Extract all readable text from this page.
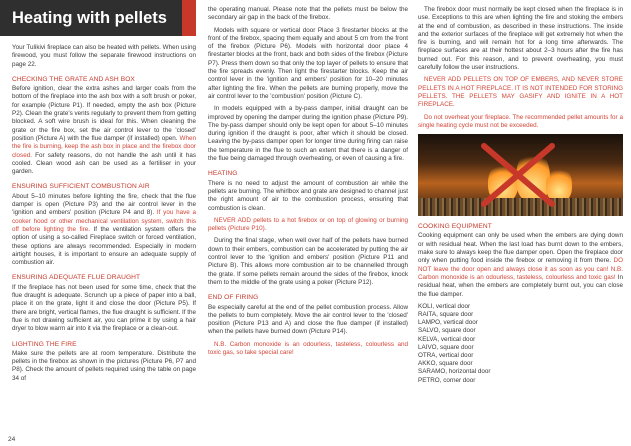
Heating with pellets

Your Tulikivi fireplace can also be heated with pellets. When using firewood, you must follow the separate firewood instructions on page 22.

CHECKING THE GRATE AND ASH BOX

Before ignition, clear the extra ashes and larger coals from the bottom of the fireplace into the ash box with a soft brush or poker, for example (Picture P1). If needed, empty the ash box (Picture P2). Clean the grate's vents regularly to prevent them from getting blocked. A soft wire brush is ideal for this. When cleaning the grate or the fire box, set the air control lever to the 'closed' position (Picture A) with the flue damper (if installed) open. When the fire is burning, keep the ash box in place and the firebox door closed. For safety reasons, do not handle the ash until it has cooled. Clean wood ash can be used as a fertiliser in your garden.

ENSURING SUFFICIENT COMBUSTION AIR

About 5–10 minutes before lighting the fire, check that the flue damper is open (Picture P3) and the air control lever in the 'ignition and embers' position (Picture P4 and 8). If you have a cooker hood or other mechanical ventilation system, switch this off before lighting the fire. If the ventilation system offers the option of using a so-called Fireplace switch or forced ventilation, these options are always recommended. Especially in modern airtight houses, it is important to ensure an adequate supply of combustion air.

ENSURING ADEQUATE FLUE DRAUGHT

If the fireplace has not been used for some time, check that the flue draught is adequate. Scrunch up a piece of paper into a ball, place it on the grate, light it and close the door (Picture P5). If there are bright, vertical flames, the flue draught is sufficient. If the flue is not drawing sufficient air, you can prime it by using a hair dryer to blow warm air into it via the fireplace or a clean-out.

LIGHTING THE FIRE

Make sure the pellets are at room temperature. Distribute the pellets in the firebox as shown in the pictures (Picture P6, P7 and P8). Check the amount of pellets required using the table on page 34 of

the operating manual. Please note that the pellets must be below the secondary air gap in the back of the firebox.

Models with square or vertical door Place 3 firestarter blocks at the front of the firebox, spacing them equally and about 5 cm from the front of the firebox (Picture P6). Models with horizontal door place 4 firestarter blocks at the front, back and both sides of the firebox (Picture P7). Press them down so that only the top layer of pellets to ensure that the fire spreads evenly. Then light the firestarter blocks. Keep the air control lever in the 'ignition and embers' position for 10–20 minutes after lighting the fire. When the pellets are burning properly, move the air control lever to the 'combustion' position (Picture C).

In models equipped with a by-pass damper, initial draught can be improved by opening the damper during the ignition phase (Picture P9). The by-pass damper should only be kept open for about 5–10 minutes during ignition if the draught is poor, after which it should be closed. Leaving the by-pass damper open for longer time during firing can raise the temperature in the flue to such an extent that there is a danger of the flue being damaged through overheating, or even of causing a fire.

HEATING

There is no need to adjust the amount of combustion air while the pellets are burning. The whirlbox and grate are designed to channel just the right amount of air to the combustion process, ensuring that combustion is clean.

NEVER ADD pellets to a hot firebox or on top of glowing or burning pellets (Picture P10).

During the final stage, when well over half of the pellets have burned down to their embers, combustion can be accelerated by putting the air control lever to the 'ignition and embers' position (Picture P11 and Picture B). This allows more combustion air to be channelled through the grate. If some pellets remain around the sides of the firebox, knock them to the middle of the grate using a poker (Picture P12).

END OF FIRING

Be especially careful at the end of the pellet combustion process. Allow the pellets to burn completely. Move the air control lever to the 'closed' position (Picture P13 and A) and close the flue damper (if installed) when the pellets have burned down (Picture P14).

N.B. Carbon monoxide is an odourless, tasteless, colourless and toxic gas, so take special care!

The firebox door must normally be kept closed when the fireplace is in use. Exceptions to this are when lighting the fire and stoking the embers at the end of combustion, as described in these instructions. The inside and the exterior surfaces of the fireplace will get extremely hot when the fire is burning, and will remain hot for a long time afterwards. The fireplace surfaces are at their hottest about 2–3 hours after the fire has burned out. For this reason, and to prevent overheating, you must carefully follow the user instructions.

NEVER ADD PELLETS ON TOP OF EMBERS, AND NEVER STORE PELLETS IN A HOT FIREPLACE. IT IS NOT INTENDED FOR STORING PELLETS. THE PELLETS MAY GASIFY AND IGNITE IN A HOT FIREPLACE.

Do not overheat your fireplace. The recommended pellet amounts for a single heating cycle must not be exceeded.

COOKING EQUIPMENT

Cooking equipment can only be used when the embers are dying down or with residual heat. When the last load has burnt down to the embers, make sure to always keep the flue damper open. Open the fireplace door only when putting food inside the firebox or removing it from there. DO NOT leave the door open and always close it as soon as you can! N.B. Carbon monoxide is an odourless, tasteless, colourless and toxic gas! In residual heat, when the embers are completely burnt out, you can close the flue damper.

KOLI, vertical door
RAITA, square door
LAMPO, vertical door
SALVO, square door
KELVA, vertical door
LAIVO, square door
OTRA, vertical door
AKKO, square door
SARAMO, horizontal door
PETRO, corner door
24
